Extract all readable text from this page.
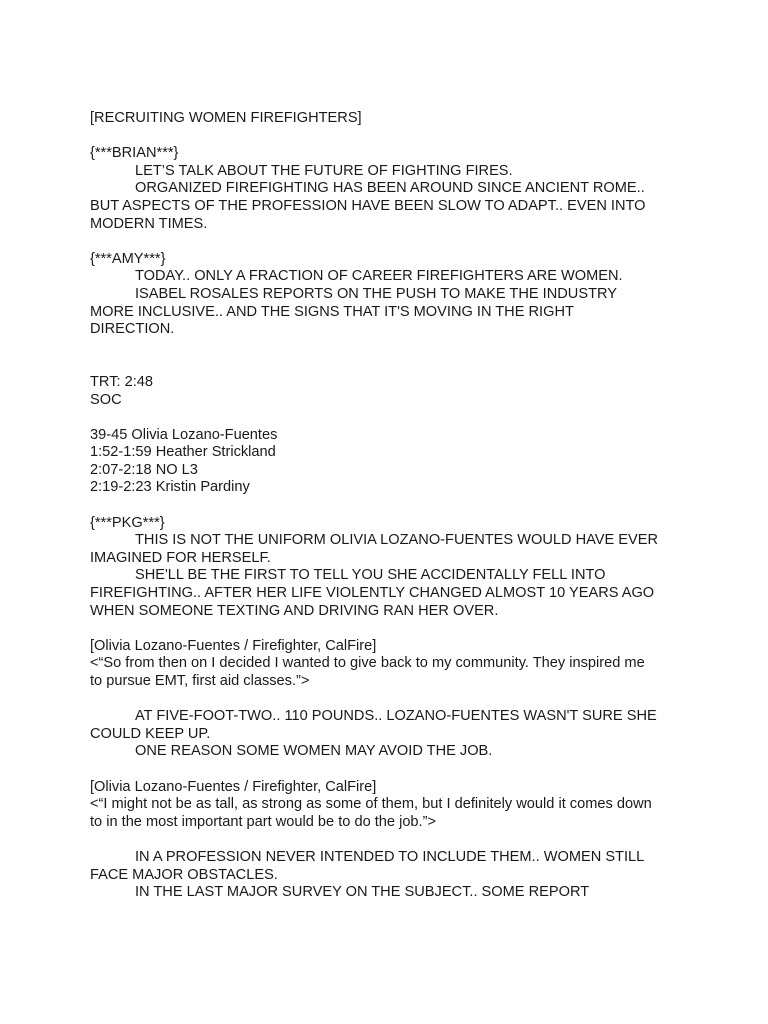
[RECRUITING WOMEN FIREFIGHTERS]
{***BRIAN***}
LET’S TALK ABOUT THE FUTURE OF FIGHTING FIRES.
ORGANIZED FIREFIGHTING HAS BEEN AROUND SINCE ANCIENT ROME..
BUT ASPECTS OF THE PROFESSION HAVE BEEN SLOW TO ADAPT.. EVEN INTO
MODERN TIMES.
{***AMY***}
TODAY.. ONLY A FRACTION OF CAREER FIREFIGHTERS ARE WOMEN.
ISABEL ROSALES REPORTS ON THE PUSH TO MAKE THE INDUSTRY
MORE INCLUSIVE.. AND THE SIGNS THAT IT'S MOVING IN THE RIGHT
DIRECTION.
TRT: 2:48
SOC
39-45 Olivia Lozano-Fuentes
1:52-1:59 Heather Strickland
2:07-2:18 NO L3
2:19-2:23 Kristin Pardiny
{***PKG***}
THIS IS NOT THE UNIFORM OLIVIA LOZANO-FUENTES WOULD HAVE EVER
IMAGINED FOR HERSELF.
SHE'LL BE THE FIRST TO TELL YOU SHE ACCIDENTALLY FELL INTO
FIREFIGHTING.. AFTER HER LIFE VIOLENTLY CHANGED ALMOST 10 YEARS AGO
WHEN SOMEONE TEXTING AND DRIVING RAN HER OVER.
[Olivia Lozano-Fuentes / Firefighter, CalFire]
<“So from then on I decided I wanted to give back to my community. They inspired me
to pursue EMT, first aid classes.”>
AT FIVE-FOOT-TWO.. 110 POUNDS.. LOZANO-FUENTES WASN'T SURE SHE
COULD KEEP UP.
ONE REASON SOME WOMEN MAY AVOID THE JOB.
[Olivia Lozano-Fuentes / Firefighter, CalFire]
<“I might not be as tall, as strong as some of them, but I definitely would it comes down
to in the most important part would be to do the job.”>
IN A PROFESSION NEVER INTENDED TO INCLUDE THEM.. WOMEN STILL
FACE MAJOR OBSTACLES.
IN THE LAST MAJOR SURVEY ON THE SUBJECT.. SOME REPORT
